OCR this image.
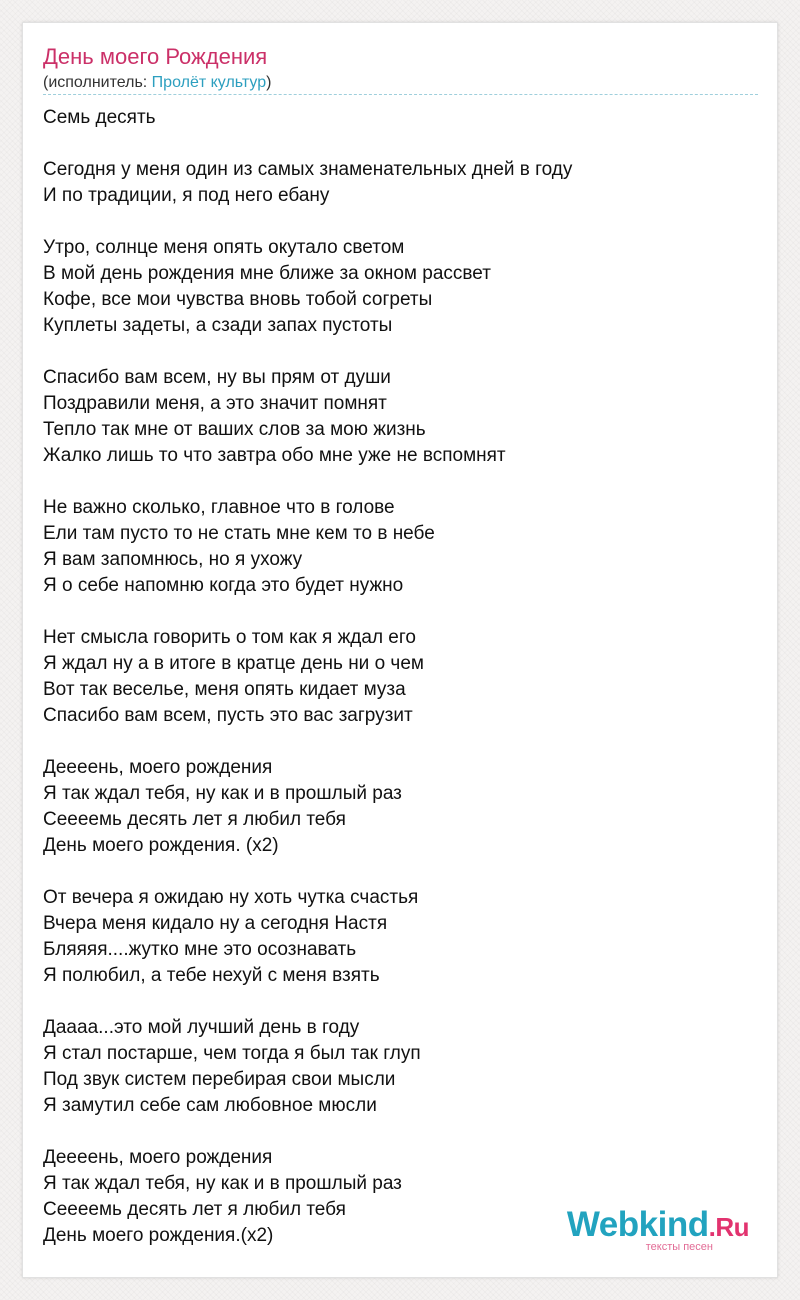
День моего Рождения
(исполнитель: Пролёт культур)
Семь десять
Сегодня у меня один из самых знаменательных дней в году
И по традиции, я под него ебану
Утро, солнце меня опять окутало светом
В мой день рождения мне ближе за окном рассвет
Кофе, все мои чувства вновь тобой согреты
Куплеты задеты, а сзади запах пустоты
Спасибо вам всем, ну вы прям от души
Поздравили меня, а это значит помнят
Тепло так мне от ваших слов за мою жизнь
Жалко лишь то что завтра обо мне уже не вспомнят
Не важно сколько, главное что в голове
Ели там пусто то не стать мне кем то в небе
Я вам запомнюсь, но я ухожу
Я о себе напомню когда это будет нужно
Нет смысла говорить о том как я ждал его
Я ждал ну а в итоге в кратце день ни о чем
Вот так веселье, меня опять кидает муза
Спасибо вам всем, пусть это вас загрузит
Дееeень, моего рождения
Я так ждал тебя, ну как и в прошлый раз
Сееeемь десять лет я любил тебя
День моего рождения. (х2)
От вечера я ожидаю ну хоть чутка счастья
Вчера меня кидало ну а сегодня Настя
Бляяяя....жутко мне это осознавать
Я полюбил, а тебе нехуй с меня взять
Даааа...это мой лучший день в году
Я стал постарше, чем тогда я был так глуп
Под звук систем перебирая свои мысли
Я замутил себе сам любовное мюсли
Дееeень, моего рождения
Я так ждал тебя, ну как и в прошлый раз
Сееeемь десять лет я любил тебя
День моего рождения.(х2)	Webkind.Ru
тексты песен
